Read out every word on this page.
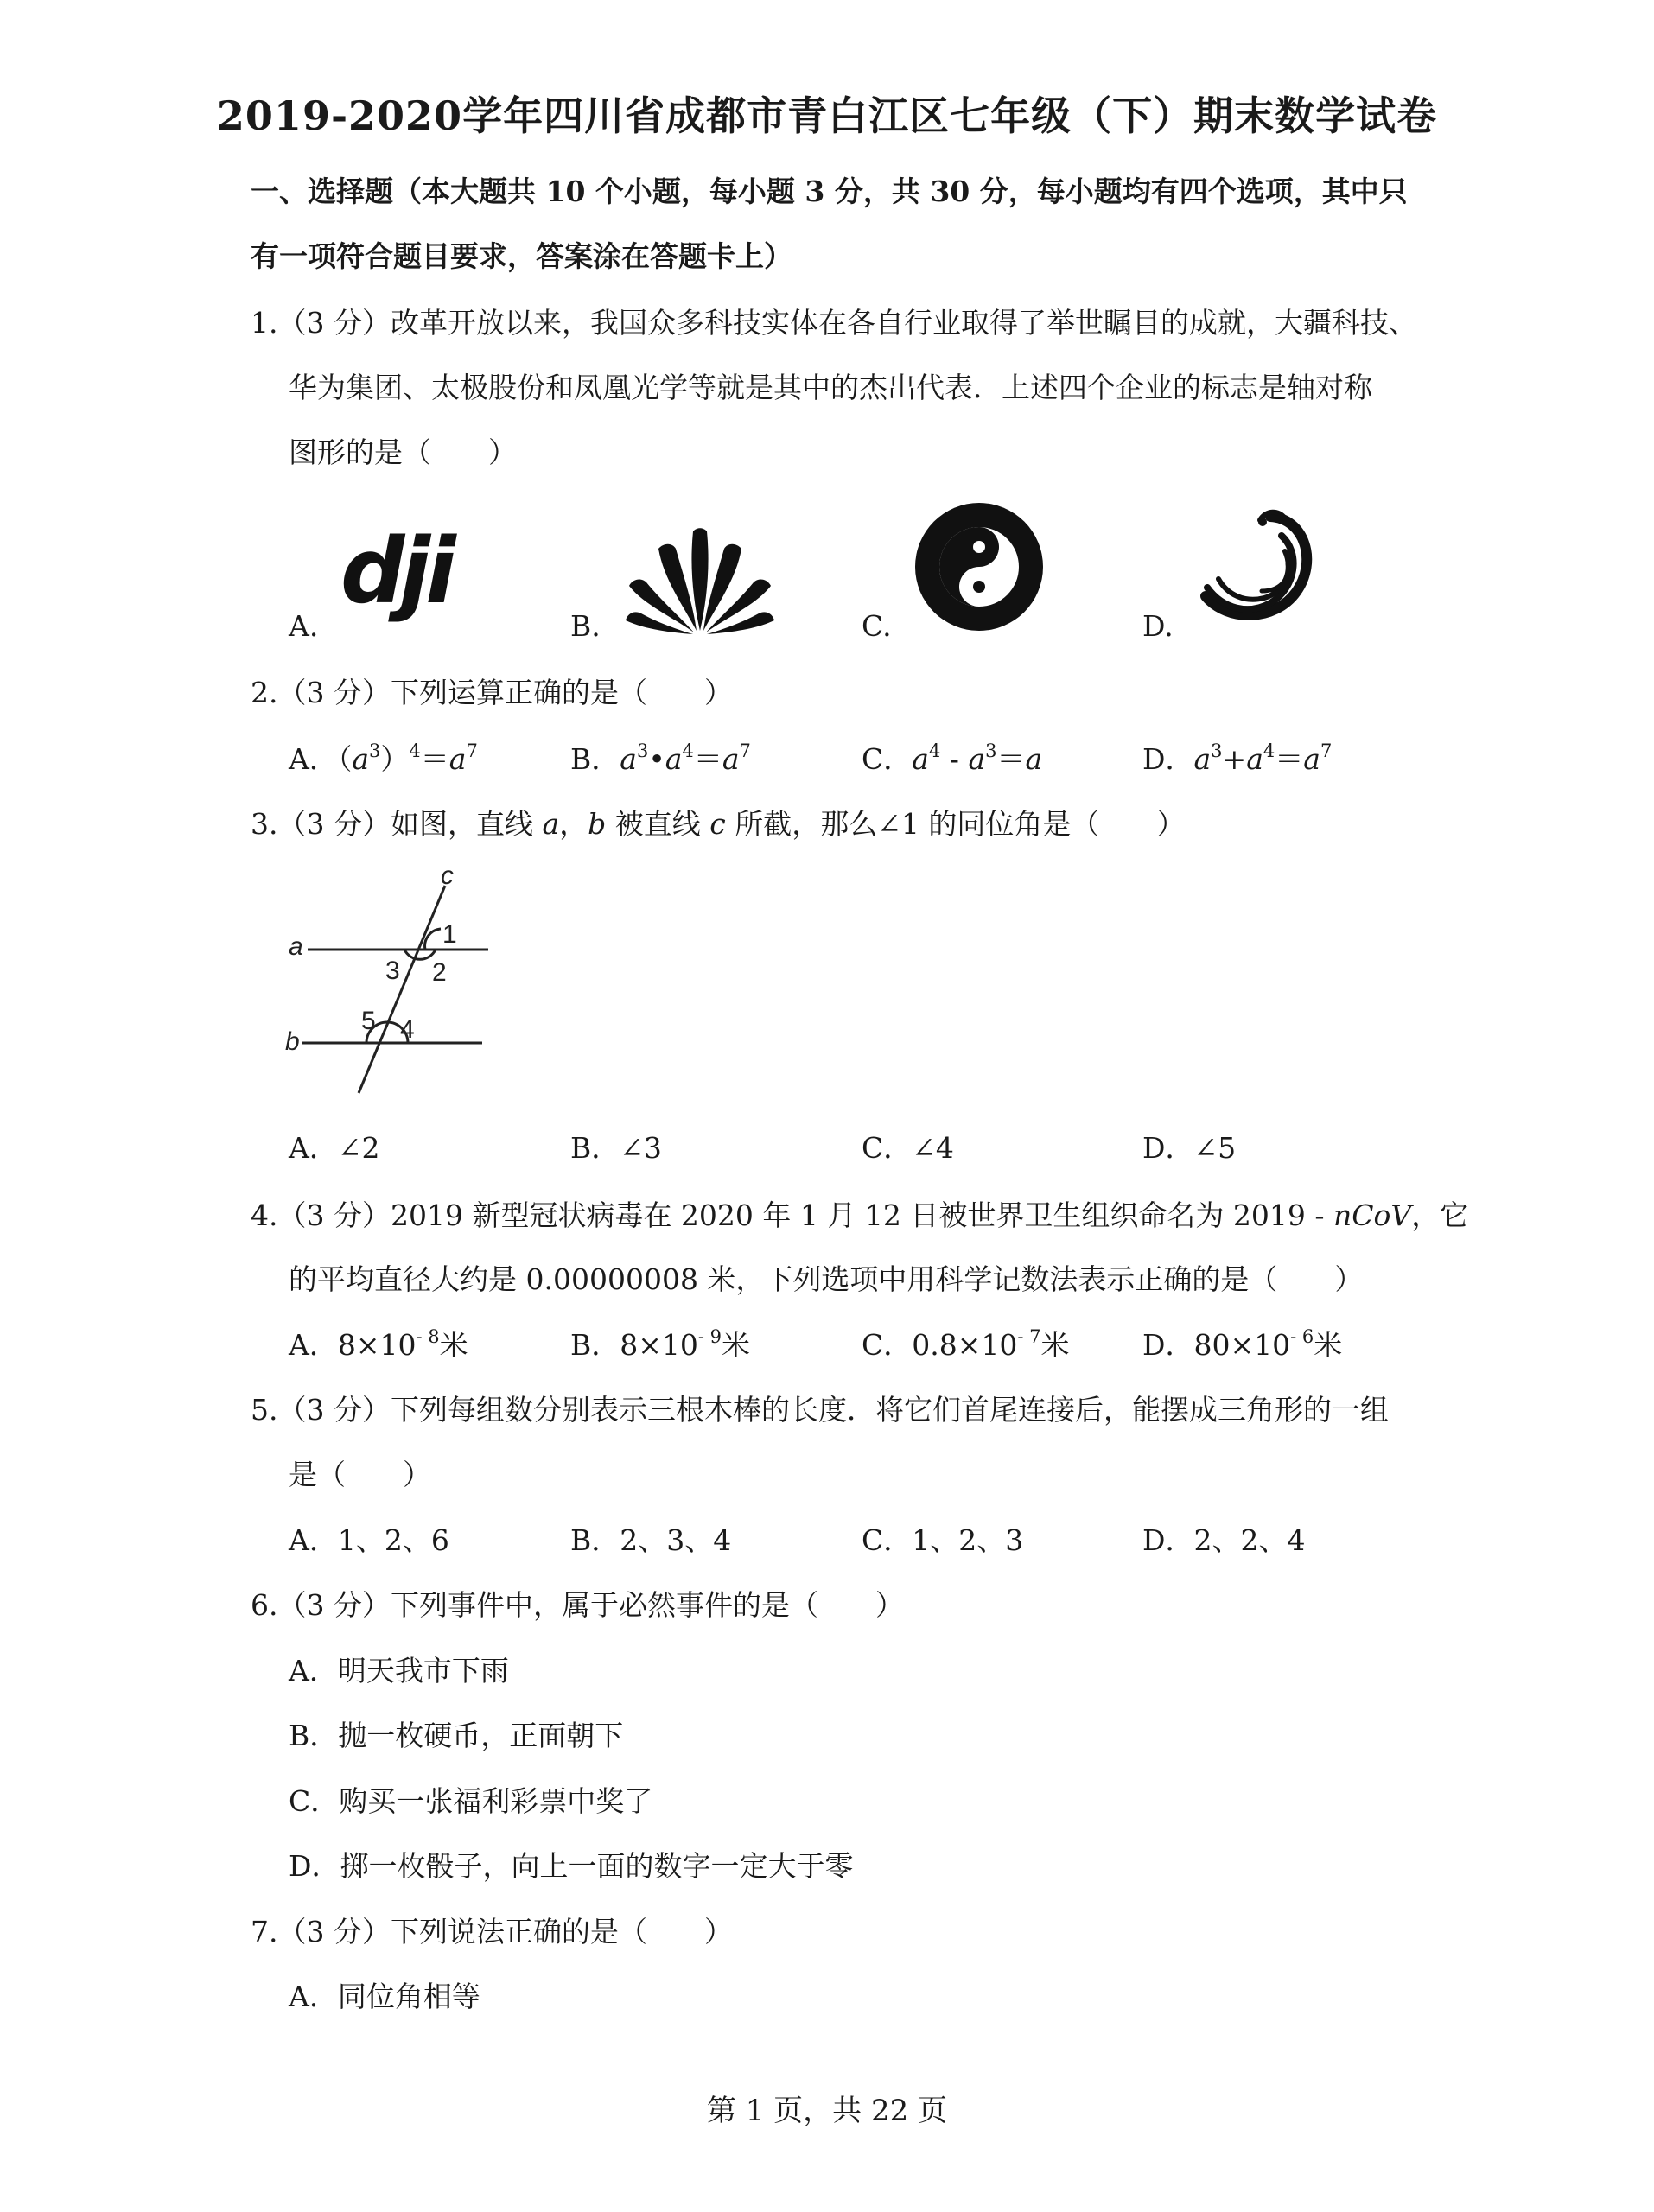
2019-2020学年四川省成都市青白江区七年级（下）期末数学试卷
一、选择题（本大题共 10 个小题，每小题 3 分，共 30 分，每小题均有四个选项，其中只
有一项符合题目要求，答案涂在答题卡上）
1.（3 分）改革开放以来，我国众多科技实体在各自行业取得了举世瞩目的成就，大疆科技、
华为集团、太极股份和凤凰光学等就是其中的杰出代表．上述四个企业的标志是轴对称
图形的是（　　）
A.
dji
B.	C.	D.
2.（3 分）下列运算正确的是（　　）
A．$(a^3)^4=a^7$	B．$a^3•a^4=a^7$	C．$a^4 - a^3=a$	D．$a^3+a^4=a^7$
3.（3 分）如图，直线 a，b 被直线 c 所截，那么∠1 的同位角是（　　）
c
a
b
1
2
3
4
5
A．∠2	B．∠3	C．∠4	D．∠5
4.（3 分）2019 新型冠状病毒在 2020 年 1 月 12 日被世界卫生组织命名为 2019 - nCoV，它
的平均直径大约是 0.00000008 米，下列选项中用科学记数法表示正确的是（　　）
A．$8\times 10^{- 8}$米	B．$8\times 10^{- 9}$米	C．$0.8\times 10^{- 7}$米	D．$80\times 10^{- 6}$米
5.（3 分）下列每组数分别表示三根木棒的长度．将它们首尾连接后，能摆成三角形的一组
是（　　）
A．1、2、6	B．2、3、4	C．1、2、3	D．2、2、4
6.（3 分）下列事件中，属于必然事件的是（　　）
A．明天我市下雨
B．抛一枚硬币，正面朝下
C．购买一张福利彩票中奖了
D．掷一枚骰子，向上一面的数字一定大于零
7.（3 分）下列说法正确的是（　　）
A．同位角相等
第 1 页，共 22 页
